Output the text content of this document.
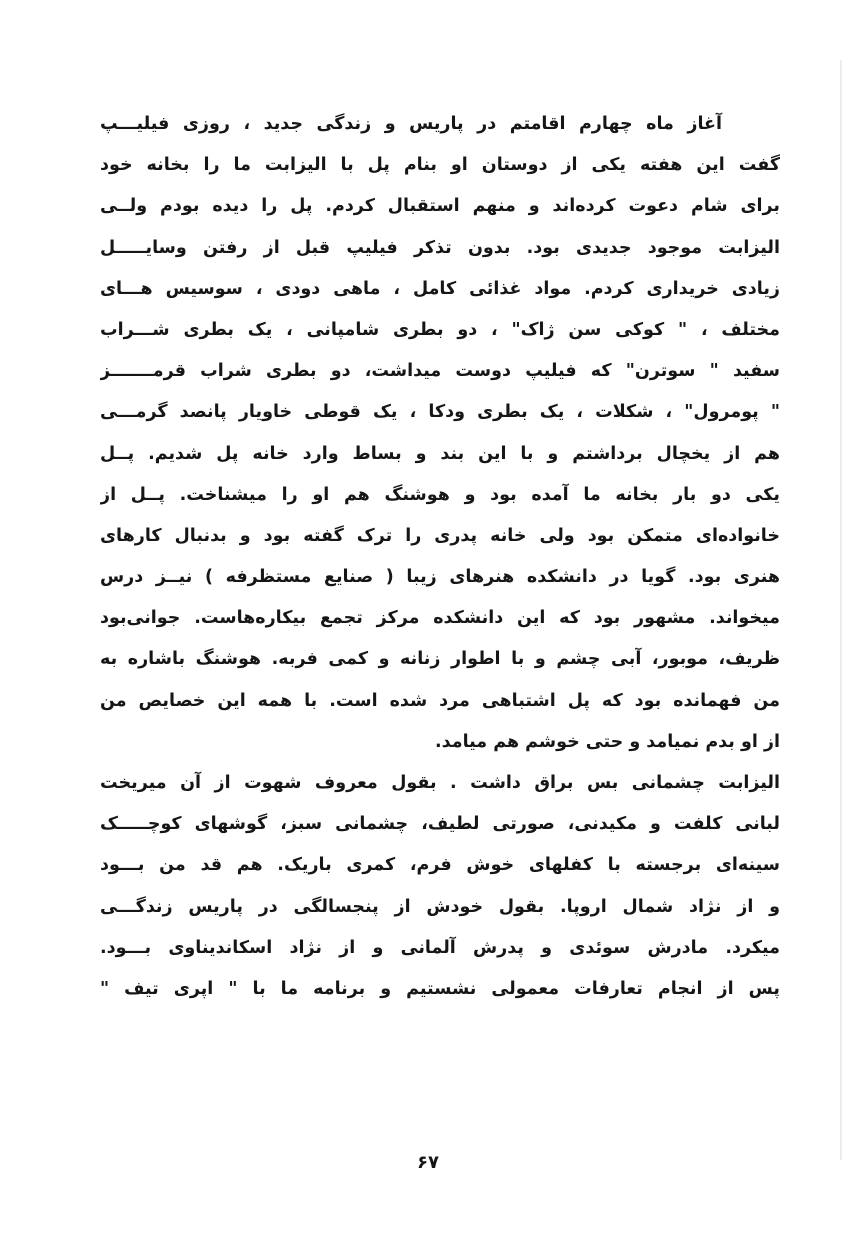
آغاز ماه چهارم اقامتم در پاریس و زندگی جدید ، روزی فیلیـــپ
گفت این هفته یکی از دوستان او بنام پل با الیزابت ما را بخانه خود
برای شام دعوت کرده‌اند و منهم استقبال کردم. پل را دیده بودم ولــی
الیزابت موجود جدیدی بود. بدون تذکر فیلیپ قبل از رفتن وسایـــــل
زیادی خریداری کردم. مواد غذائی کامل ، ماهی دودی ، سوسیس هـــای
مختلف ، " کوکی سن ژاک" ، دو بطری شامپانی ، یک بطری شـــراب
سفید " سوترن" که فیلیپ دوست میداشت، دو بطری شراب قرمـــــــز
" پومرول" ، شکلات ، یک بطری ودکا ، یک قوطی خاویار پانصد گرمـــی
هم از یخچال برداشتم و با این بند و بساط وارد خانه پل شدیم. پــل
یکی دو بار بخانه ما آمده بود و هوشنگ هم او را میشناخت. پــل از
خانواده‌ای متمکن بود ولی خانه پدری را ترک گفته بود و بدنبال کارهای
هنری بود. گویا در دانشکده هنرهای زیبا ( صنایع مستظرفه ) نیــز درس
میخواند. مشهور بود که این دانشکده مرکز تجمع بیکاره‌هاست. جوانی‌بود
ظریف، موبور، آبی چشم و با اطوار زنانه و کمی فربه. هوشنگ باشاره به
من فهمانده بود که پل اشتباهی مرد شده است. با همه این خصایص من
از او بدم نمیامد و حتی خوشم هم میامد.
الیزابت چشمانی بس براق داشت . بقول معروف شهوت از آن میریخت
لبانی کلفت و مکیدنی، صورتی لطیف، چشمانی سبز، گوشهای کوچـــــک
سینه‌ای برجسته با کفلهای خوش فرم، کمری باریک. هم قد من بـــود
و از نژاد شمال اروپا. بقول خودش از پنجسالگی در پاریس زندگـــی
میکرد. مادرش سوئدی و پدرش آلمانی و از نژاد اسکاندیناوی بـــود.
پس از انجام تعارفات معمولی نشستیم و برنامه ما با " اپری تیف "
۶۷
